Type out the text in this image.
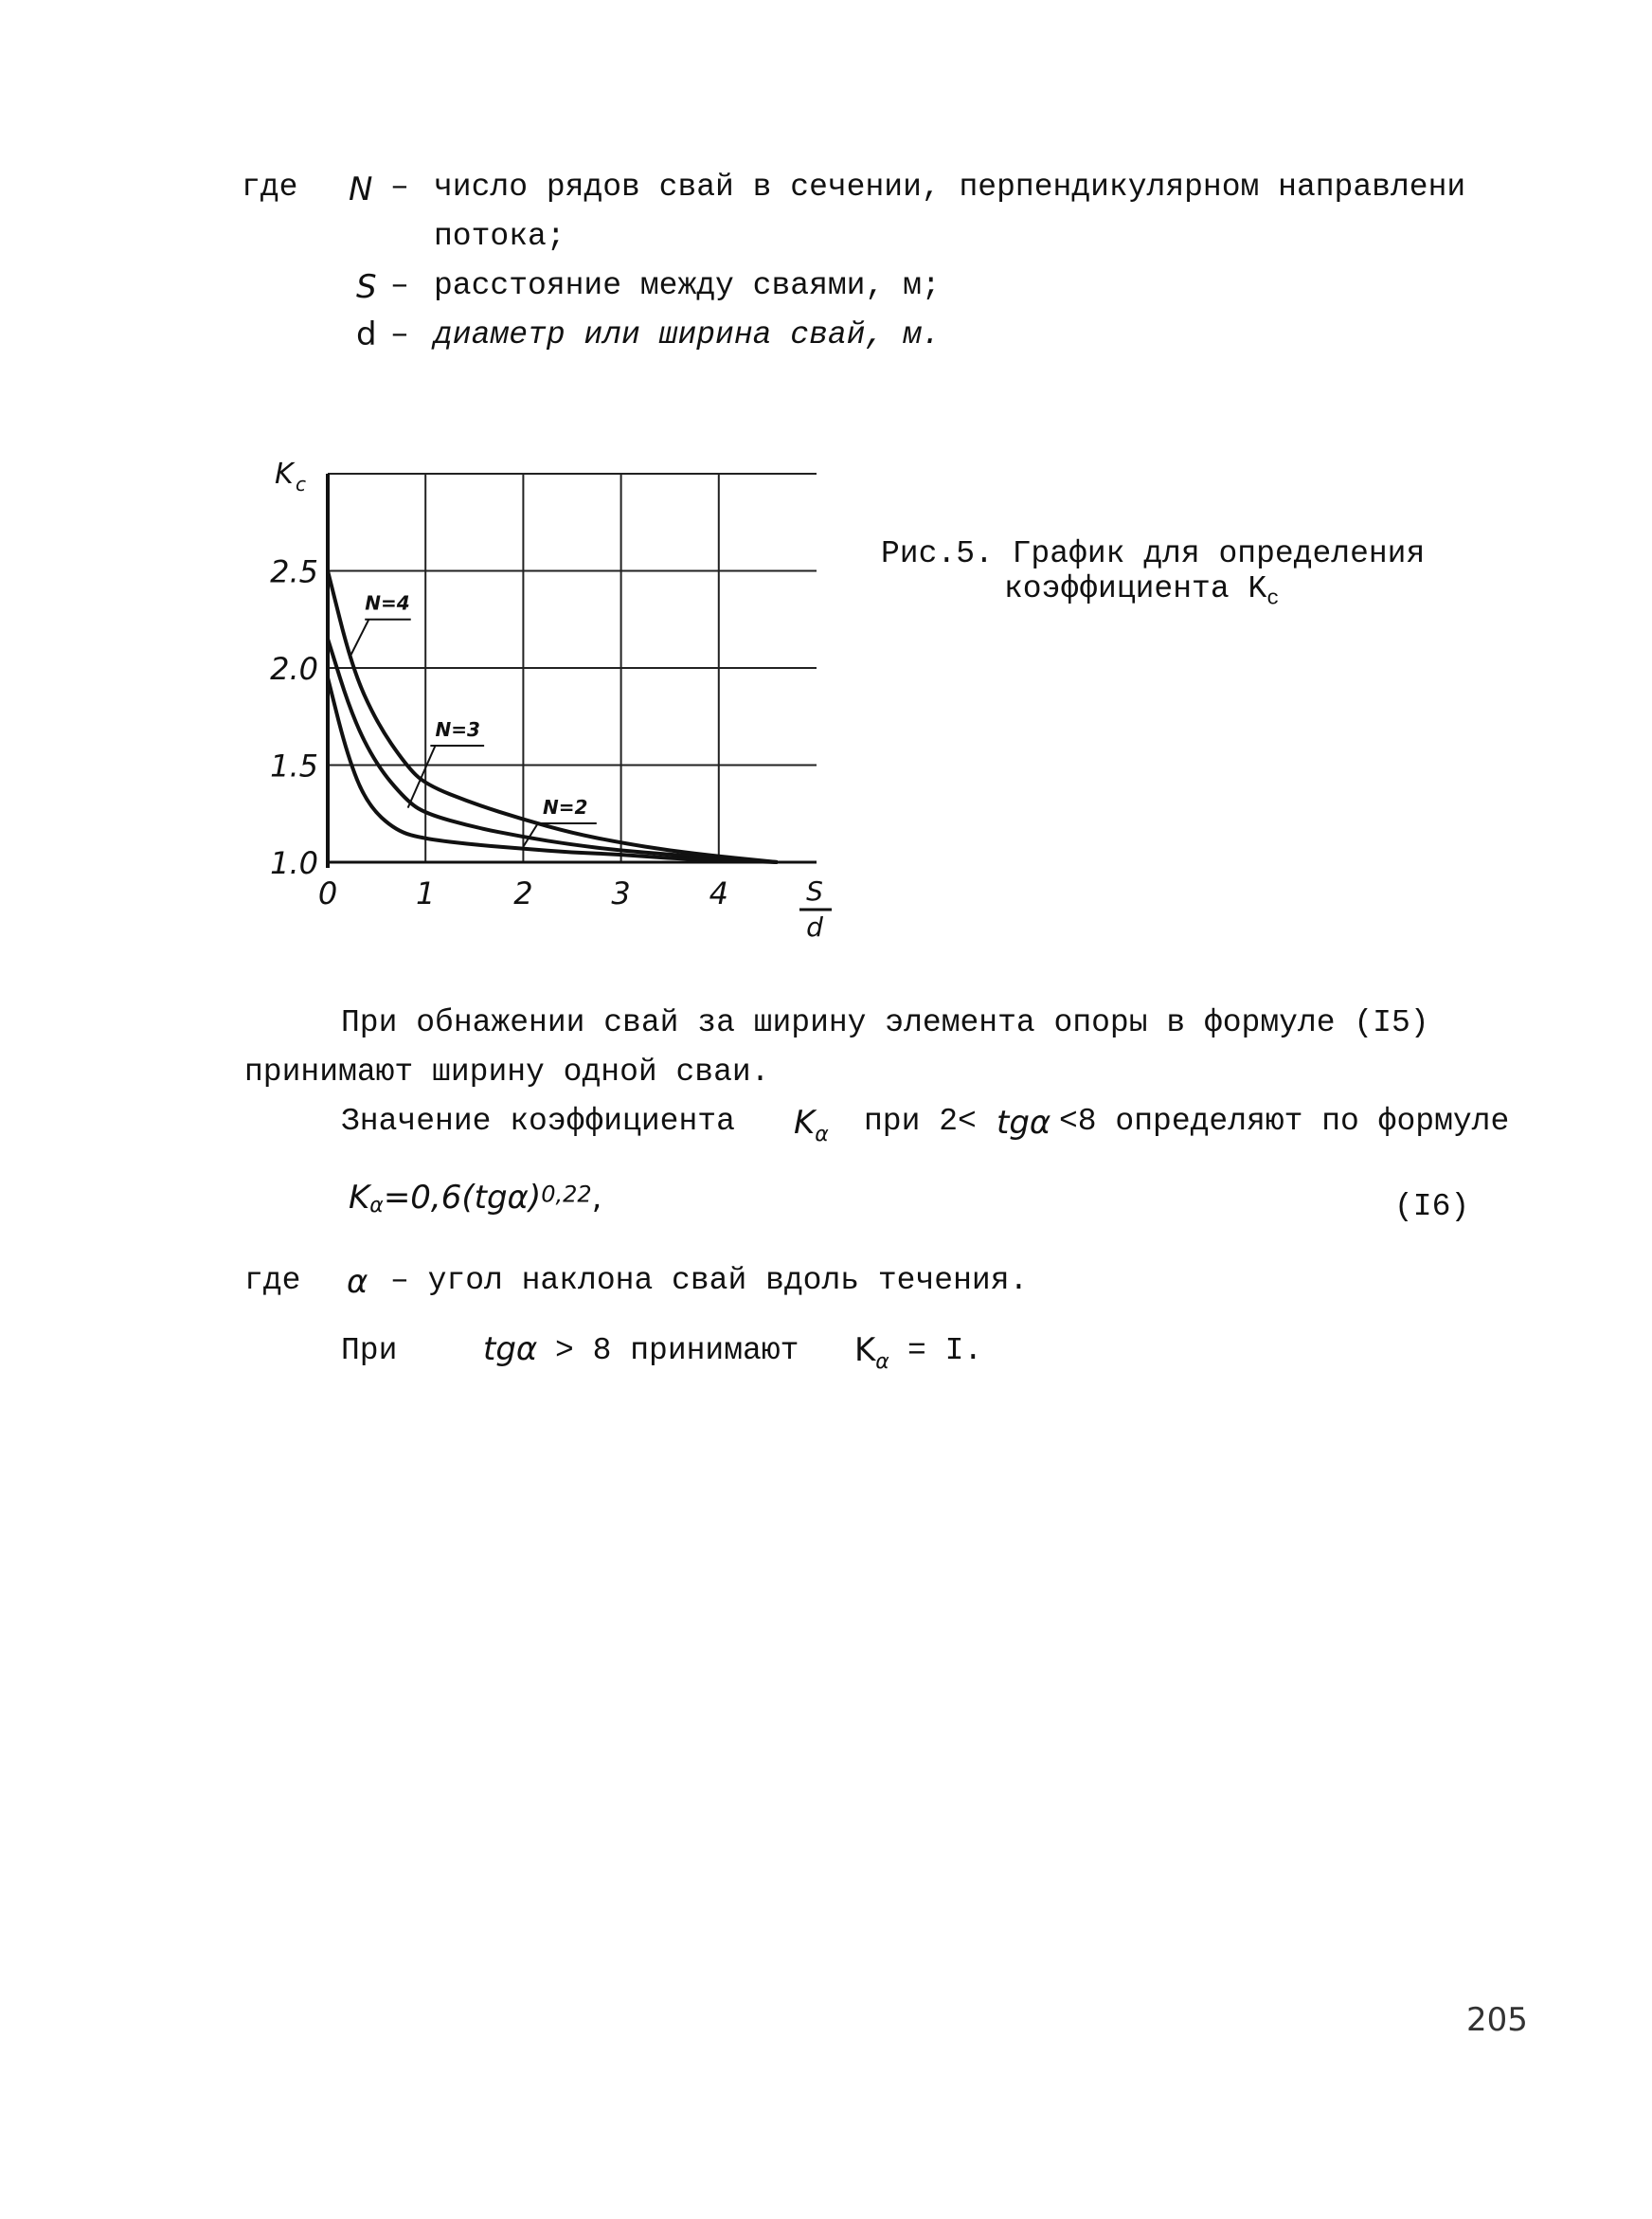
где N – число рядов свай в сечении, перпендикулярном направлени
потока;
S – расстояние между сваями, м;
d – диаметр или ширина свай, м.
0	1	2	3	4
1.0
1.5
2.0
2.5
K c
S
d
N=4
N=3
N=2
Рис.5. График для определения
коэффициента $K_c$
При обнажении свай за ширину элемента опоры в формуле (I5)
принимают ширину одной сваи.
Значение коэффициента $K_\alpha$ при 2< tgα <8 определяют по формуле
$K_\alpha=0,6(tg\alpha)^{0,22}$,	(I6)
где α – угол наклона свай вдоль течения.
При	tgα > 8 принимают $K_\alpha = I$.
205
